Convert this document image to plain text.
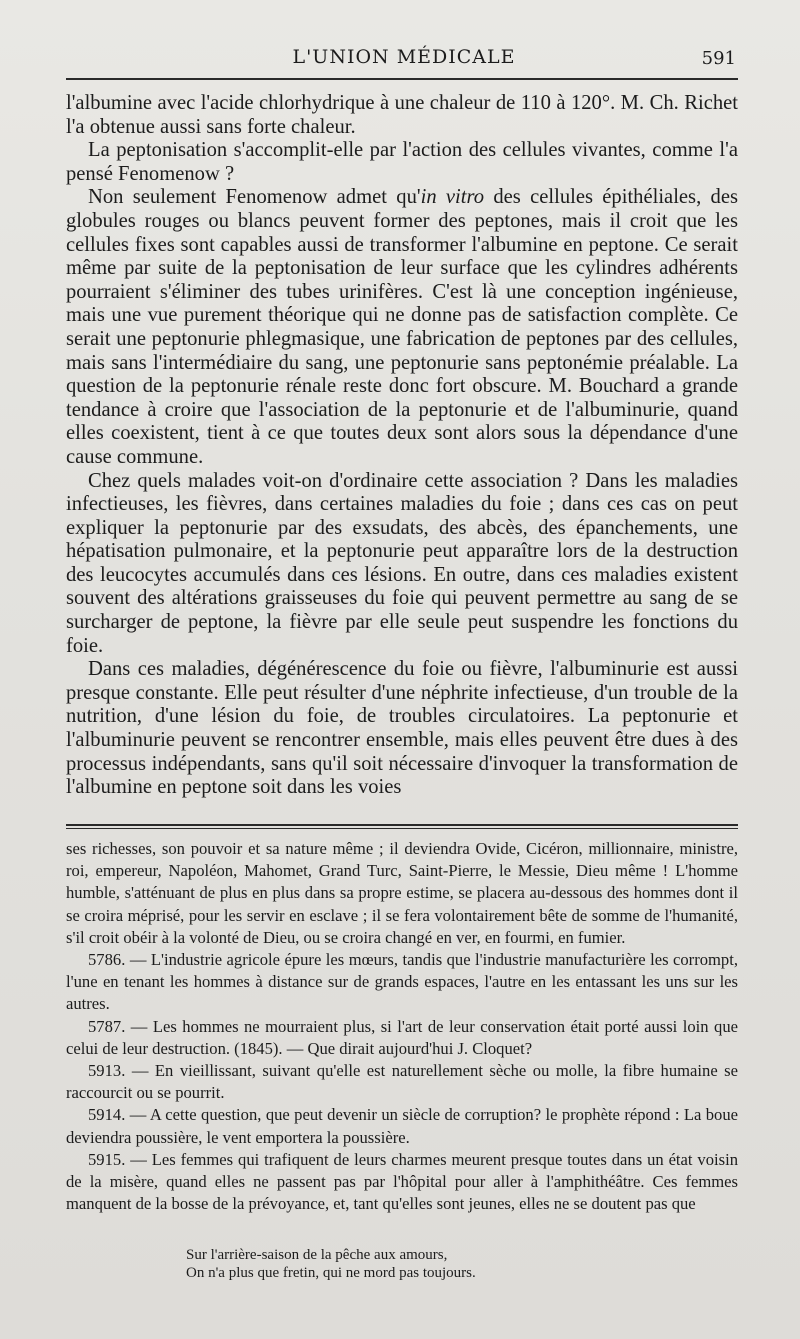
L'UNION MÉDICALE	591

l'albumine avec l'acide chlorhydrique à une chaleur de 110 à 120°. M. Ch. Richet l'a obtenue aussi sans forte chaleur.

La peptonisation s'accomplit-elle par l'action des cellules vivantes, comme l'a pensé Fenomenow ?

Non seulement Fenomenow admet qu'in vitro des cellules épithéliales, des globules rouges ou blancs peuvent former des peptones, mais il croit que les cellules fixes sont capables aussi de transformer l'albumine en peptone. Ce serait même par suite de la peptonisation de leur surface que les cylindres adhérents pourraient s'éliminer des tubes urinifères. C'est là une conception ingénieuse, mais une vue purement théorique qui ne donne pas de satisfaction complète. Ce serait une peptonurie phlegmasique, une fabrication de peptones par des cellules, mais sans l'intermédiaire du sang, une peptonurie sans peptonémie préalable. La question de la peptonurie rénale reste donc fort obscure. M. Bouchard a grande tendance à croire que l'association de la peptonurie et de l'albuminurie, quand elles coexistent, tient à ce que toutes deux sont alors sous la dépendance d'une cause commune.

Chez quels malades voit-on d'ordinaire cette association ? Dans les maladies infectieuses, les fièvres, dans certaines maladies du foie ; dans ces cas on peut expliquer la peptonurie par des exsudats, des abcès, des épanchements, une hépatisation pulmonaire, et la peptonurie peut apparaître lors de la destruction des leucocytes accumulés dans ces lésions. En outre, dans ces maladies existent souvent des altérations graisseuses du foie qui peuvent permettre au sang de se surcharger de peptone, la fièvre par elle seule peut suspendre les fonctions du foie.

Dans ces maladies, dégénérescence du foie ou fièvre, l'albuminurie est aussi presque constante. Elle peut résulter d'une néphrite infectieuse, d'un trouble de la nutrition, d'une lésion du foie, de troubles circulatoires. La peptonurie et l'albuminurie peuvent se rencontrer ensemble, mais elles peuvent être dues à des processus indépendants, sans qu'il soit nécessaire d'invoquer la transformation de l'albumine en peptone soit dans les voies

ses richesses, son pouvoir et sa nature même ; il deviendra Ovide, Cicéron, millionnaire, ministre, roi, empereur, Napoléon, Mahomet, Grand Turc, Saint-Pierre, le Messie, Dieu même ! L'homme humble, s'atténuant de plus en plus dans sa propre estime, se placera au-dessous des hommes dont il se croira méprisé, pour les servir en esclave ; il se fera volontairement bête de somme de l'humanité, s'il croit obéir à la volonté de Dieu, ou se croira changé en ver, en fourmi, en fumier.

5786. — L'industrie agricole épure les mœurs, tandis que l'industrie manufacturière les corrompt, l'une en tenant les hommes à distance sur de grands espaces, l'autre en les entassant les uns sur les autres.

5787. — Les hommes ne mourraient plus, si l'art de leur conservation était porté aussi loin que celui de leur destruction. (1845). — Que dirait aujourd'hui J. Cloquet?

5913. — En vieillissant, suivant qu'elle est naturellement sèche ou molle, la fibre humaine se raccourcit ou se pourrit.

5914. — A cette question, que peut devenir un siècle de corruption? le prophète répond : La boue deviendra poussière, le vent emportera la poussière.

5915. — Les femmes qui trafiquent de leurs charmes meurent presque toutes dans un état voisin de la misère, quand elles ne passent pas par l'hôpital pour aller à l'amphithéâtre. Ces femmes manquent de la bosse de la prévoyance, et, tant qu'elles sont jeunes, elles ne se doutent pas que

Sur l'arrière-saison de la pêche aux amours,
On n'a plus que fretin, qui ne mord pas toujours.
